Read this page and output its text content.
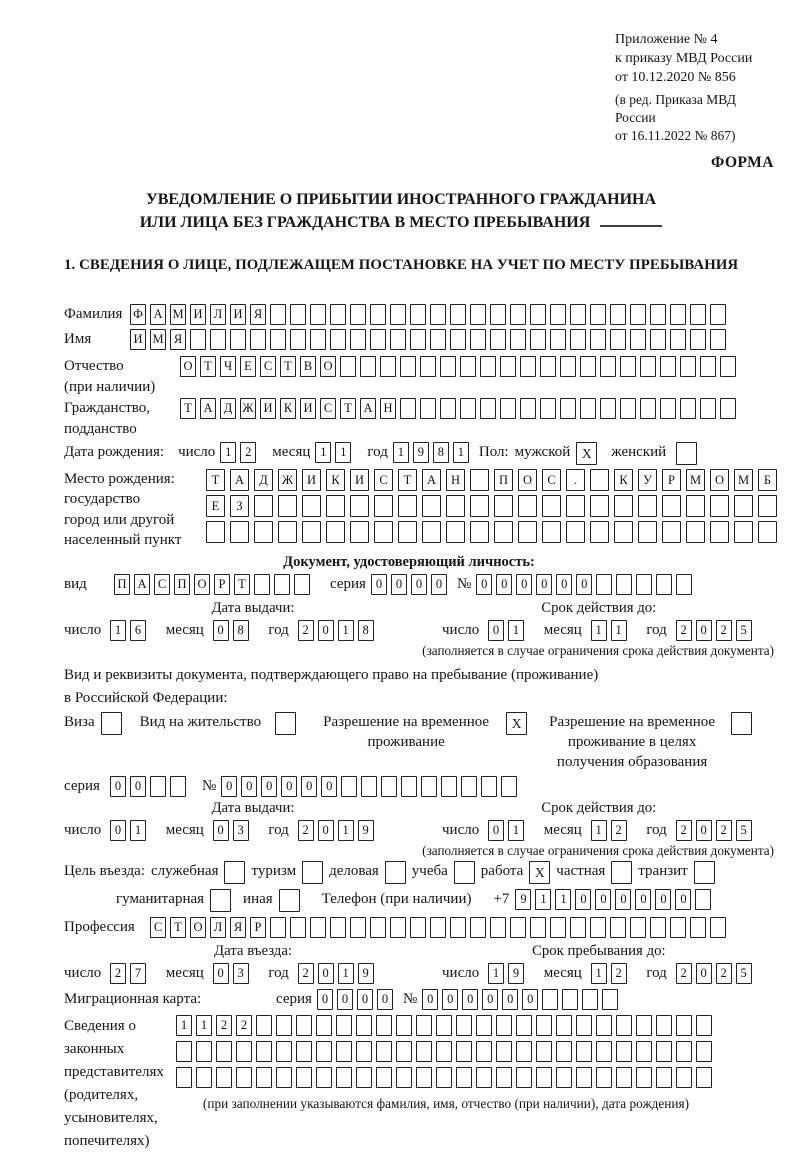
Приложение № 4
к приказу МВД России
от 10.12.2020 № 856
(в ред. Приказа МВД России
от 16.11.2022 № 867)
ФОРМА
УВЕДОМЛЕНИЕ О ПРИБЫТИИ ИНОСТРАННОГО ГРАЖДАНИНА
ИЛИ ЛИЦА БЕЗ ГРАЖДАНСТВА В МЕСТО ПРЕБЫВАНИЯ
1. СВЕДЕНИЯ О ЛИЦЕ, ПОДЛЕЖАЩЕМ ПОСТАНОВКЕ НА УЧЕТ ПО МЕСТУ ПРЕБЫВАНИЯ
Фамилия Ф А М И Л И Я
Имя	И М Я
Отчество
(при наличии)
О Т Ч Е С Т В О
Гражданство,
подданство
Т А Д Ж И К И С Т А Н
Дата рождения: число 1 2	месяц 1 1	год 1 9 8 1 Пол: мужской X	женский
Место рождения:
государство
город или другой
населенный пункт
Т А Д Ж И К И С Т А Н	П О С .	К У Р М О М Б
Е З
Документ, удостоверяющий личность:
вид	П А С П О Р Т	серия 0 0 0 0 № 0 0 0 0 0 0
Дата выдачи:
число 1 6 месяц 0 8 год 2 0 1 8
Срок действия до:
число 0 1 месяц 1 1 год 2 0 2 5
(заполняется в случае ограничения срока действия документа)
Вид и реквизиты документа, подтверждающего право на пребывание (проживание)
в Российской Федерации:
Виза	Вид на жительство	Разрешение на временное
проживание
X	Разрешение на временное
проживание в целях
получения образования
серия	0 0	№ 0 0 0 0 0 0
Дата выдачи:
число 0 1 месяц 0 3 год 2 0 1 9
Срок действия до:
число 0 1 месяц 1 2 год 2 0 2 5
(заполняется в случае ограничения срока действия документа)
Цель въезда: служебная туризм деловая учеба работа X частная транзит
гуманитарная	иная	Телефон (при наличии) +7 9 1 1 0 0 0 0 0 0
Профессия	С Т О Л Я Р
Дата въезда:
число 2 7 месяц 0 3 год 2 0 1 9
Срок пребывания до:
число 1 9 месяц 1 2 год 2 0 2 5
Миграционная карта:	серия 0 0 0 0 № 0 0 0 0 0 0
Сведения о
законных
представителях
(родителях,
усыновителях,
попечителях)
1 1 2 2
(при заполнении указываются фамилия, имя, отчество (при наличии), дата рождения)
